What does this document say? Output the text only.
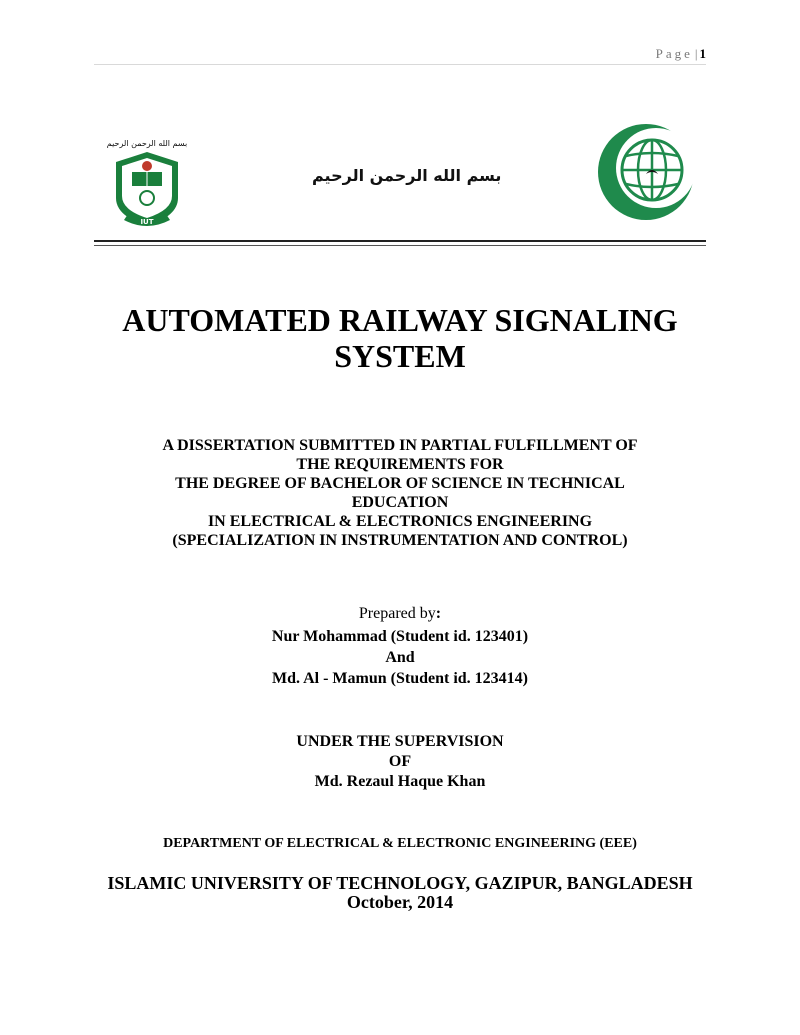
Page | 1
بسم الله الرحمن الرحيم
IUT
بسم الله الرحمن الرحيم
AUTOMATED RAILWAY SIGNALING
SYSTEM
A DISSERTATION SUBMITTED IN PARTIAL FULFILLMENT OF
THE REQUIREMENTS FOR
THE DEGREE OF BACHELOR OF SCIENCE IN TECHNICAL
EDUCATION
IN ELECTRICAL & ELECTRONICS ENGINEERING
(SPECIALIZATION IN INSTRUMENTATION AND CONTROL)
Prepared by:
Nur Mohammad (Student id. 123401)
And
Md. Al - Mamun (Student id. 123414)
UNDER THE SUPERVISION
OF
Md. Rezaul Haque Khan
DEPARTMENT OF ELECTRICAL & ELECTRONIC ENGINEERING (EEE)
ISLAMIC UNIVERSITY OF TECHNOLOGY, GAZIPUR, BANGLADESH
October, 2014
